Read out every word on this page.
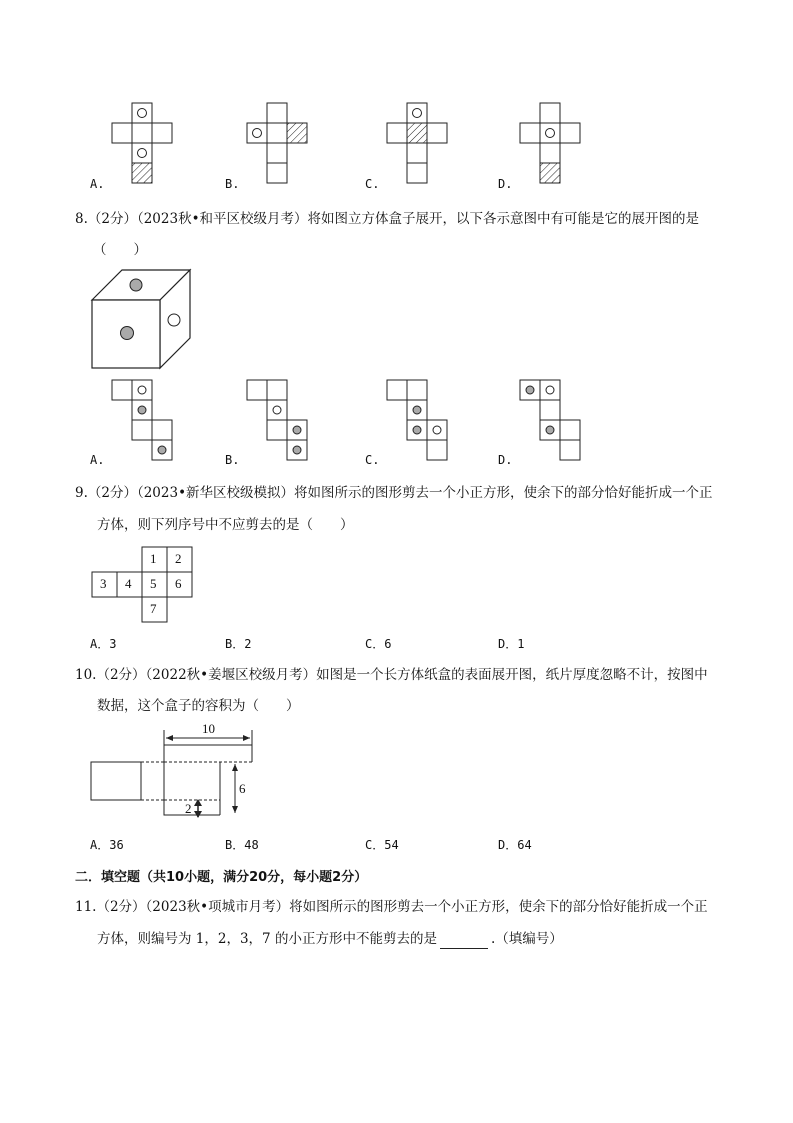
A.	B.	C.	D.
8.（2分）（2023秋•和平区校级月考）将如图立方体盒子展开，以下各示意图中有可能是它的展开图的是
（　　）
A.	B.	C.	D.
9.（2分）（2023•新华区校级模拟）将如图所示的图形剪去一个小正方形，使余下的部分恰好能折成一个正
方体，则下列序号中不应剪去的是（　　）
1 2
3 4 5 6
7
A．3	B．2	C．6	D．1
10.（2分）（2022秋•姜堰区校级月考）如图是一个长方体纸盒的表面展开图，纸片厚度忽略不计，按图中
数据，这个盒子的容积为（　　）
10
6
2
A．36	B．48	C．54	D．64
二．填空题（共10小题，满分20分，每小题2分）
11.（2分）（2023秋•项城市月考）将如图所示的图形剪去一个小正方形，使余下的部分恰好能折成一个正
方体，则编号为 1，2，3，7 的小正方形中不能剪去的是	.（填编号）
